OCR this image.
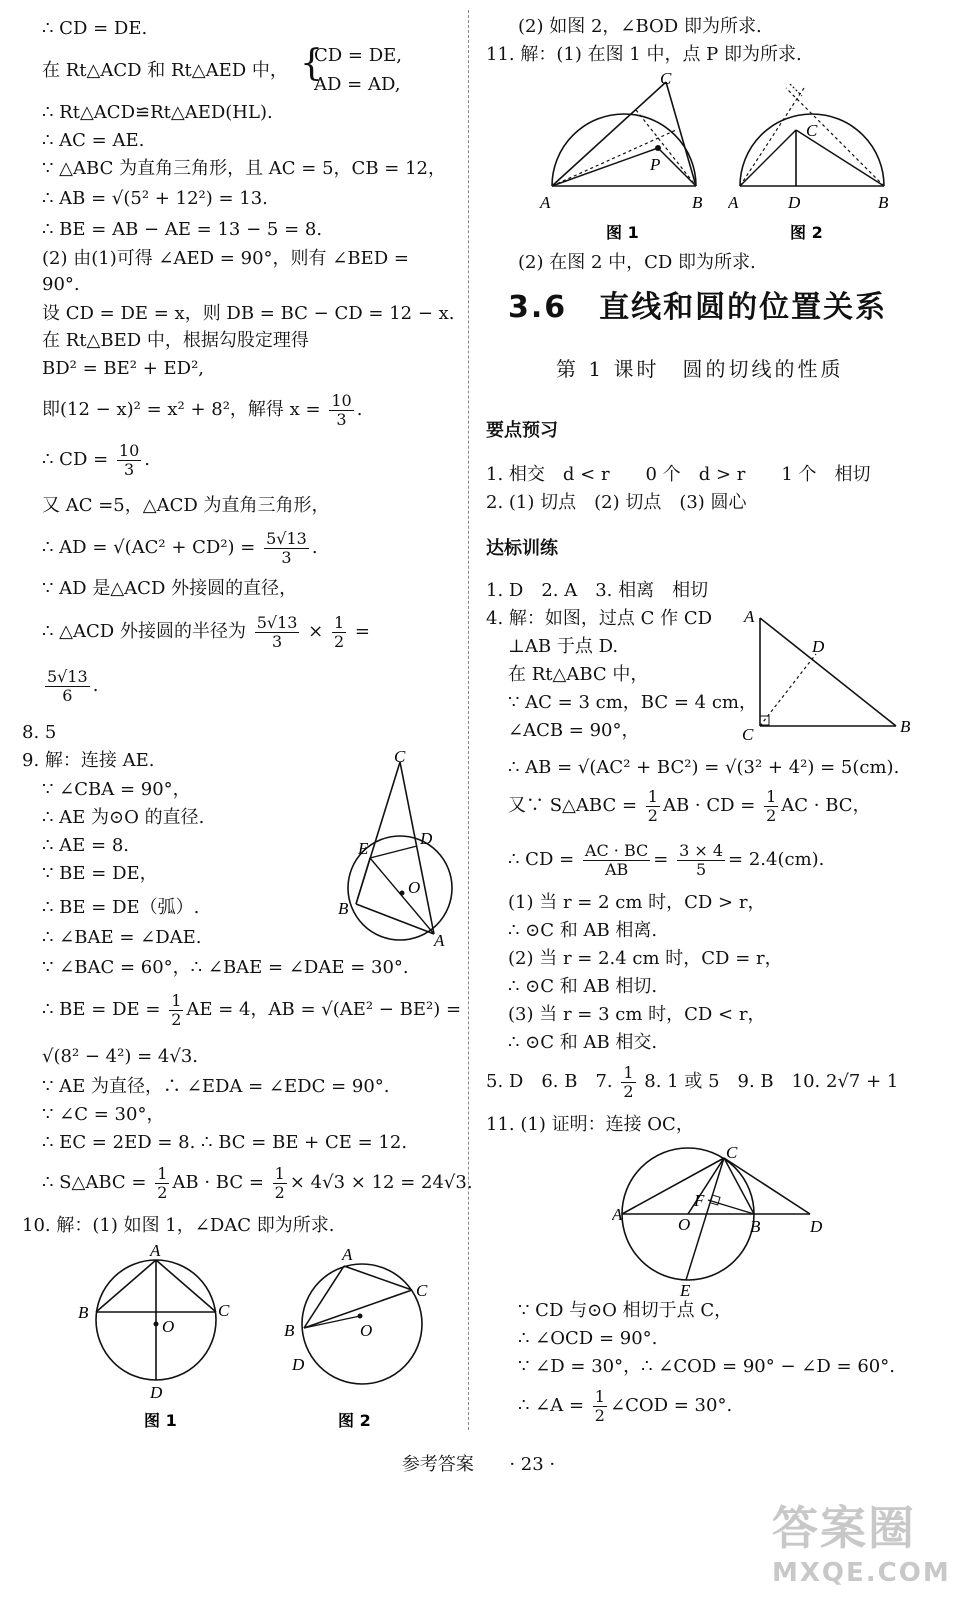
∴ CD = DE.
在 Rt△ACD 和 Rt△AED 中， {
CD = DE,
AD = AD,
∴ Rt△ACD≌Rt△AED(HL).
∴ AC = AE.
∵ △ABC 为直角三角形，且 AC = 5，CB = 12，
∴ AB = √(5² + 12²) = 13.
∴ BE = AB − AE = 13 − 5 = 8.
(2) 由(1)可得 ∠AED = 90°，则有 ∠BED =
90°.
设 CD = DE = x，则 DB = BC − CD = 12 − x.
在 Rt△BED 中，根据勾股定理得
BD² = BE² + ED²,
即(12 − x)² = x² + 8²，解得 $x = \frac{10}{3}$ .
∴ CD = $\frac{10}{3}$ .
又 AC =5，△ACD 为直角三角形，
∴ AD = $√(AC^2 + CD^2) = \frac{5√13}{3}$ .
∵ AD 是△ACD 外接圆的直径，
∴ △ACD 外接圆的半径为 $\frac{5√13}{3} \times \frac{1}{2}$ =
$\frac{5√13}{6}$ .
8. 5
9. 解：连接 AE.
∵ ∠CBA = 90°，
∴ AE 为⊙O 的直径.
∴ AE = 8.
∵ BE = DE，
∴ BE = DE（弧）.
∴ ∠BAE = ∠DAE.
∵ ∠BAC = 60°，∴ ∠BAE = ∠DAE = 30°.
∴ BE = DE = $\frac{1}{2}$ AE = 4，AB = √(AE² − BE²) =
√(8² − 4²) = 4√3.
∵ AE 为直径，∴ ∠EDA = ∠EDC = 90°.
∵ ∠C = 30°，
∴ EC = 2ED = 8. ∴ BC = BE + CE = 12.
∴ S△ABC = $\frac{1}{2}$ AB · BC = $\frac{1}{2} \times 4√3 \times 12 = 24√3$.
10. 解：(1) 如图 1，∠DAC 即为所求.
C
E
D
O
B
A
A
B	C
O
D
图 1
A
C
B	O
D
图 2
(2) 如图 2，∠BOD 即为所求.
11. 解：(1) 在图 1 中，点 P 即为所求.
C
P
A	B
图 1
C
A	D	B
图 2
(2) 在图 2 中，CD 即为所求.
3.6　直线和圆的位置关系
第 1 课时　圆的切线的性质
要点预习
1. 相交　d < r　　0 个　d > r　　1 个　相切
2. (1) 切点　(2) 切点　(3) 圆心
达标训练
1. D　2. A　3. 相离　相切
4. 解：如图，过点 C 作 CD
⊥AB 于点 D.
在 Rt△ABC 中，
∵ AC = 3 cm，BC = 4 cm，
∠ACB = 90°，
A
D
C	B
∴ AB = √(AC² + BC²) = √(3² + 4²) = 5(cm).
又∵ S△ABC = $\frac{1}{2}$ AB · CD = $\frac{1}{2}$ AC · BC，
∴ CD = $\frac{AC \cdot BC}{AB} = \frac{3 \times 4}{5} = 2.4(cm)$.
(1) 当 r = 2 cm 时，CD > r，
∴ ⊙C 和 AB 相离.
(2) 当 r = 2.4 cm 时，CD = r，
∴ ⊙C 和 AB 相切.
(3) 当 r = 3 cm 时，CD < r，
∴ ⊙C 和 AB 相交.
5. D　6. B　7. $\frac{1}{2} 8$. 1 或 5　9. B　10. 2√7 + 1
11. (1) 证明：连接 OC，
C
F
A
O	B	D
E
∵ CD 与⊙O 相切于点 C，
∴ ∠OCD = 90°.
∵ ∠D = 30°，∴ ∠COD = 90° − ∠D = 60°.
∴ ∠A = $\frac{1}{2}$ ∠COD = 30°.
参考答案 · 23 ·
答案圈
MXQE.COM
